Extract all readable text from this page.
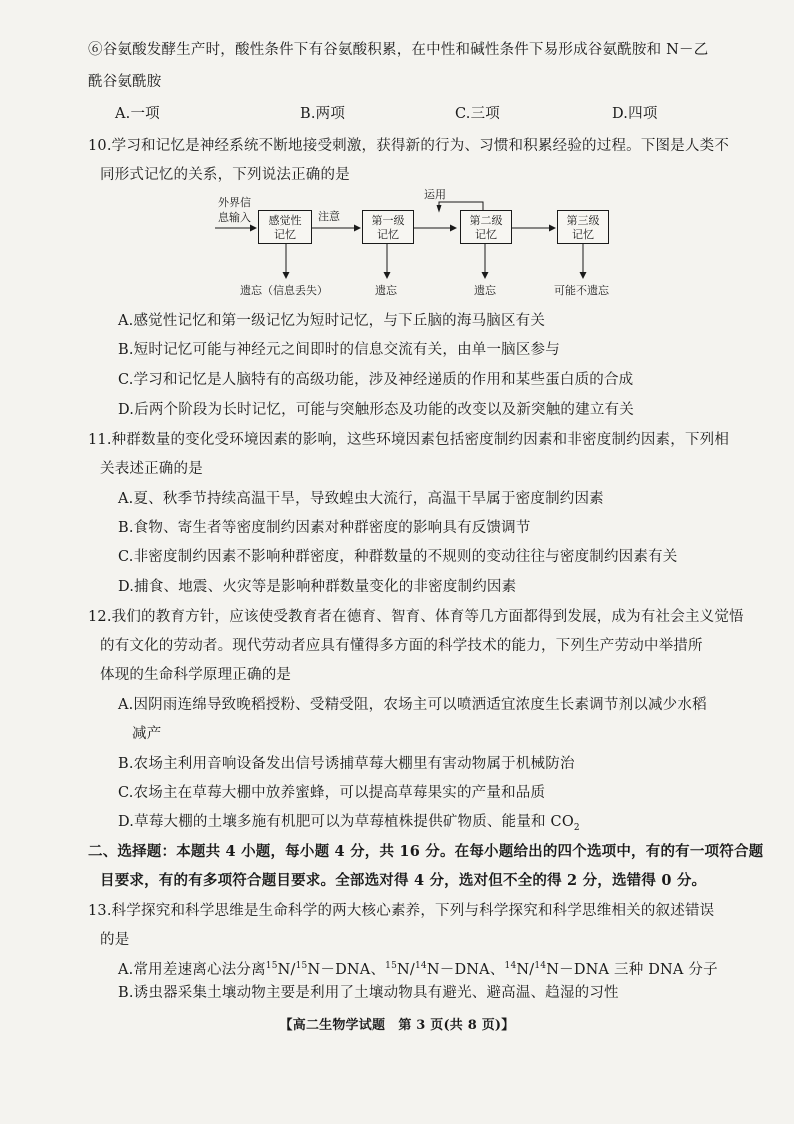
⑥谷氨酸发酵生产时，酸性条件下有谷氨酸积累，在中性和碱性条件下易形成谷氨酰胺和 N－乙
酰谷氨酰胺
A.一项	B.两项	C.三项	D.四项
10.学习和记忆是神经系统不断地接受刺激，获得新的行为、习惯和积累经验的过程。下图是人类不
同形式记忆的关系，下列说法正确的是
外界信
息输入	感觉性
记忆
注意	第一级
记忆
运用
第二级
记忆
第三级
记忆
遗忘（信息丢失）	遗忘	遗忘	可能不遗忘
A.感觉性记忆和第一级记忆为短时记忆，与下丘脑的海马脑区有关
B.短时记忆可能与神经元之间即时的信息交流有关，由单一脑区参与
C.学习和记忆是人脑特有的高级功能，涉及神经递质的作用和某些蛋白质的合成
D.后两个阶段为长时记忆，可能与突触形态及功能的改变以及新突触的建立有关
11.种群数量的变化受环境因素的影响，这些环境因素包括密度制约因素和非密度制约因素，下列相
关表述正确的是
A.夏、秋季节持续高温干旱，导致蝗虫大流行，高温干旱属于密度制约因素
B.食物、寄生者等密度制约因素对种群密度的影响具有反馈调节
C.非密度制约因素不影响种群密度，种群数量的不规则的变动往往与密度制约因素有关
D.捕食、地震、火灾等是影响种群数量变化的非密度制约因素
12.我们的教育方针，应该使受教育者在德育、智育、体育等几方面都得到发展，成为有社会主义觉悟
的有文化的劳动者。现代劳动者应具有懂得多方面的科学技术的能力，下列生产劳动中举措所
体现的生命科学原理正确的是
A.因阴雨连绵导致晚稻授粉、受精受阻，农场主可以喷洒适宜浓度生长素调节剂以减少水稻
减产
B.农场主利用音响设备发出信号诱捕草莓大棚里有害动物属于机械防治
C.农场主在草莓大棚中放养蜜蜂，可以提高草莓果实的产量和品质
D.草莓大棚的土壤多施有机肥可以为草莓植株提供矿物质、能量和 $CO_2$
二、选择题：本题共 4 小题，每小题 4 分，共 16 分。在每小题给出的四个选项中，有的有一项符合题
目要求，有的有多项符合题目要求。全部选对得 4 分，选对但不全的得 2 分，选错得 0 分。
13.科学探究和科学思维是生命科学的两大核心素养，下列与科学探究和科学思维相关的叙述错误
的是
A.常用差速离心法分离$^{15}$N/$^{15}$N－DNA、$^{15}$N/$^{14}$N－DNA、$^{14}$N/$^{14}$N－DNA 三种 DNA 分子
B.诱虫器采集土壤动物主要是利用了土壤动物具有避光、避高温、趋湿的习性
【高二生物学试题　第 3 页(共 8 页)】
